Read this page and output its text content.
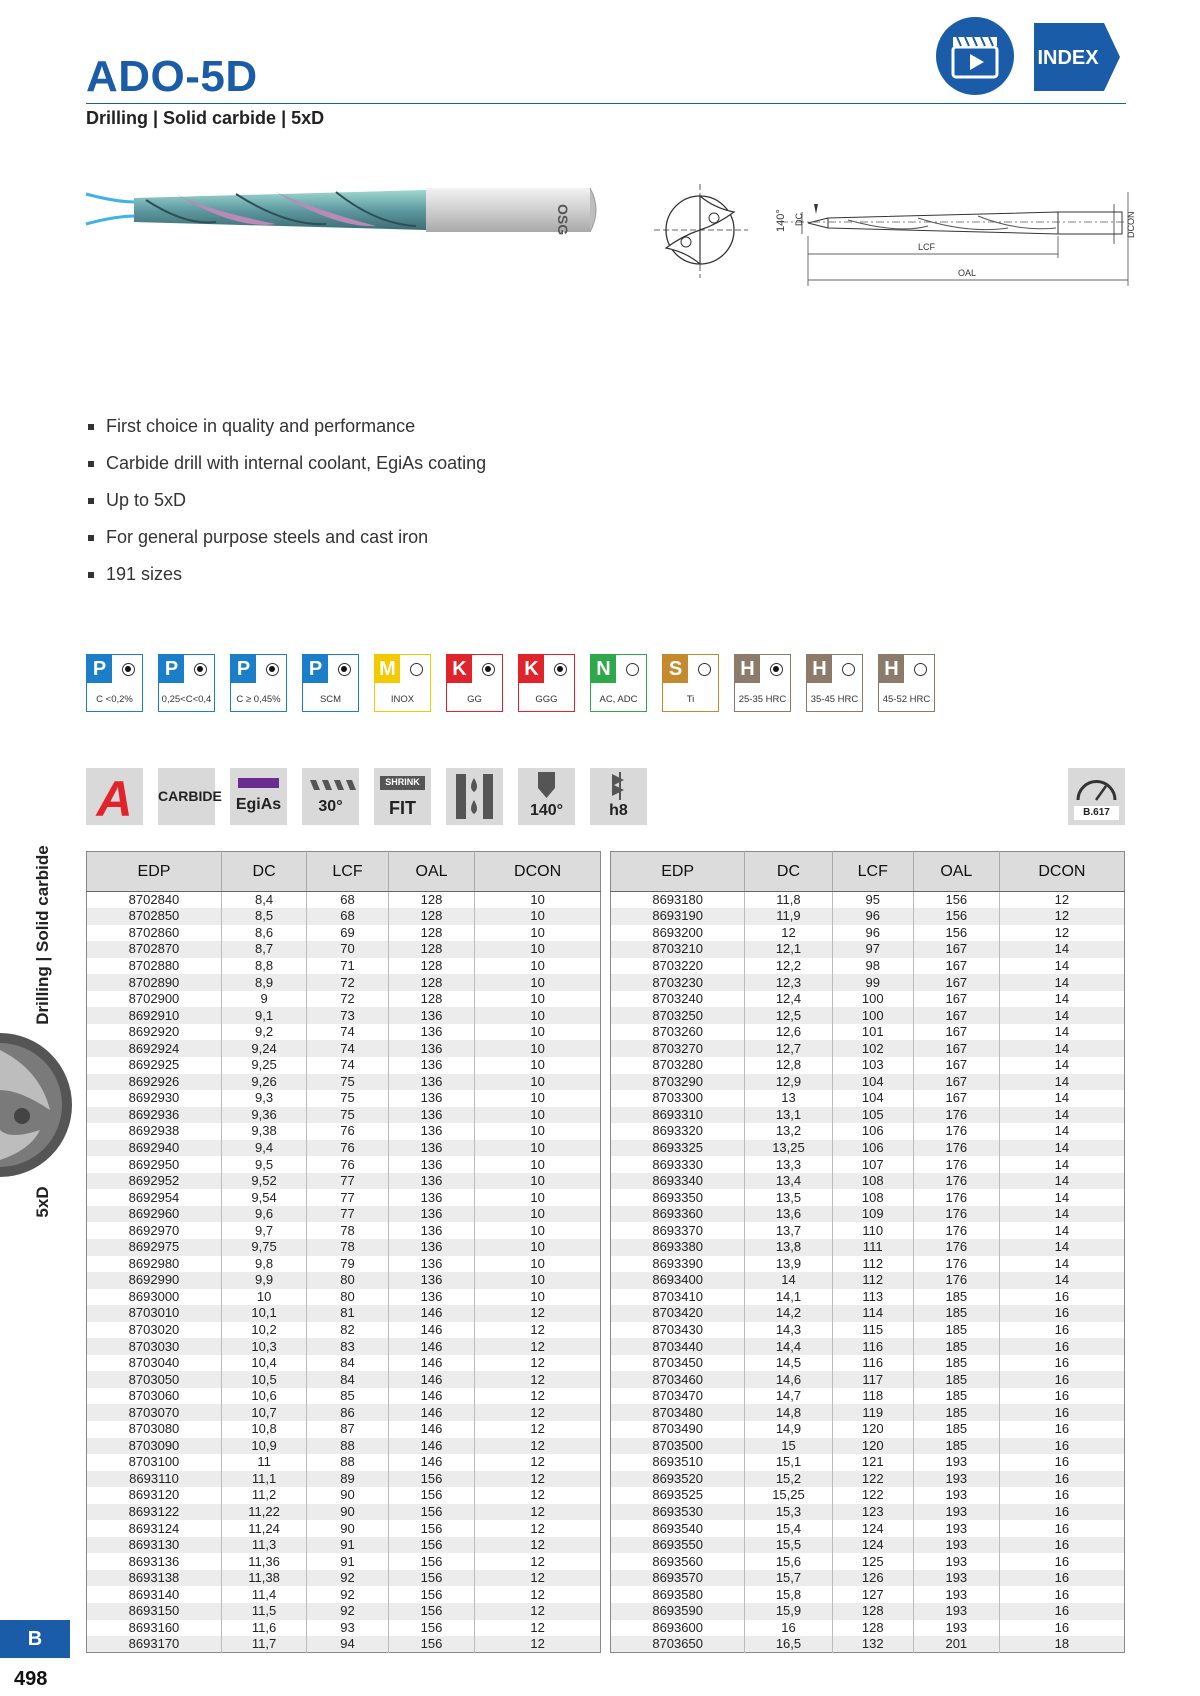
INDEX
ADO-5D
Drilling | Solid carbide | 5xD
OSG	140° DC
LCF
OAL
DCON
First choice in quality and performance
Carbide drill with internal coolant, EgiAs coating
Up to 5xD
For general purpose steels and cast iron
191 sizes
P
C <0,2%
P
0,25<C<0,4
P
C ≥ 0,45%
P
SCM
M
INOX
K
GG
K
GGG
N
AC, ADC
S
Ti
H
25-35 HRC
H
35-45 HRC
H
45-52 HRC
A	CARBIDE EgiAs	30°
SHRINK
FIT	140°	h8	B.617
Drilling | Solid carbide
5xD
B
498
EDP	DC	LCF	OAL	DCON
8702840	8,4	68	128	10
8702850	8,5	68	128	10
8702860	8,6	69	128	10
8702870	8,7	70	128	10
8702880	8,8	71	128	10
8702890	8,9	72	128	10
8702900	9	72	128	10
8692910	9,1	73	136	10
8692920	9,2	74	136	10
8692924	9,24	74	136	10
8692925	9,25	74	136	10
8692926	9,26	75	136	10
8692930	9,3	75	136	10
8692936	9,36	75	136	10
8692938	9,38	76	136	10
8692940	9,4	76	136	10
8692950	9,5	76	136	10
8692952	9,52	77	136	10
8692954	9,54	77	136	10
8692960	9,6	77	136	10
8692970	9,7	78	136	10
8692975	9,75	78	136	10
8692980	9,8	79	136	10
8692990	9,9	80	136	10
8693000	10	80	136	10
8703010	10,1	81	146	12
8703020	10,2	82	146	12
8703030	10,3	83	146	12
8703040	10,4	84	146	12
8703050	10,5	84	146	12
8703060	10,6	85	146	12
8703070	10,7	86	146	12
8703080	10,8	87	146	12
8703090	10,9	88	146	12
8703100	11	88	146	12
8693110	11,1	89	156	12
8693120	11,2	90	156	12
8693122	11,22	90	156	12
8693124	11,24	90	156	12
8693130	11,3	91	156	12
8693136	11,36	91	156	12
8693138	11,38	92	156	12
8693140	11,4	92	156	12
8693150	11,5	92	156	12
8693160	11,6	93	156	12
8693170	11,7	94	156	12
EDP	DC	LCF	OAL	DCON
8693180	11,8	95	156	12
8693190	11,9	96	156	12
8693200	12	96	156	12
8703210	12,1	97	167	14
8703220	12,2	98	167	14
8703230	12,3	99	167	14
8703240	12,4	100	167	14
8703250	12,5	100	167	14
8703260	12,6	101	167	14
8703270	12,7	102	167	14
8703280	12,8	103	167	14
8703290	12,9	104	167	14
8703300	13	104	167	14
8693310	13,1	105	176	14
8693320	13,2	106	176	14
8693325	13,25	106	176	14
8693330	13,3	107	176	14
8693340	13,4	108	176	14
8693350	13,5	108	176	14
8693360	13,6	109	176	14
8693370	13,7	110	176	14
8693380	13,8	111	176	14
8693390	13,9	112	176	14
8693400	14	112	176	14
8703410	14,1	113	185	16
8703420	14,2	114	185	16
8703430	14,3	115	185	16
8703440	14,4	116	185	16
8703450	14,5	116	185	16
8703460	14,6	117	185	16
8703470	14,7	118	185	16
8703480	14,8	119	185	16
8703490	14,9	120	185	16
8703500	15	120	185	16
8693510	15,1	121	193	16
8693520	15,2	122	193	16
8693525	15,25	122	193	16
8693530	15,3	123	193	16
8693540	15,4	124	193	16
8693550	15,5	124	193	16
8693560	15,6	125	193	16
8693570	15,7	126	193	16
8693580	15,8	127	193	16
8693590	15,9	128	193	16
8693600	16	128	193	16
8703650	16,5	132	201	18
